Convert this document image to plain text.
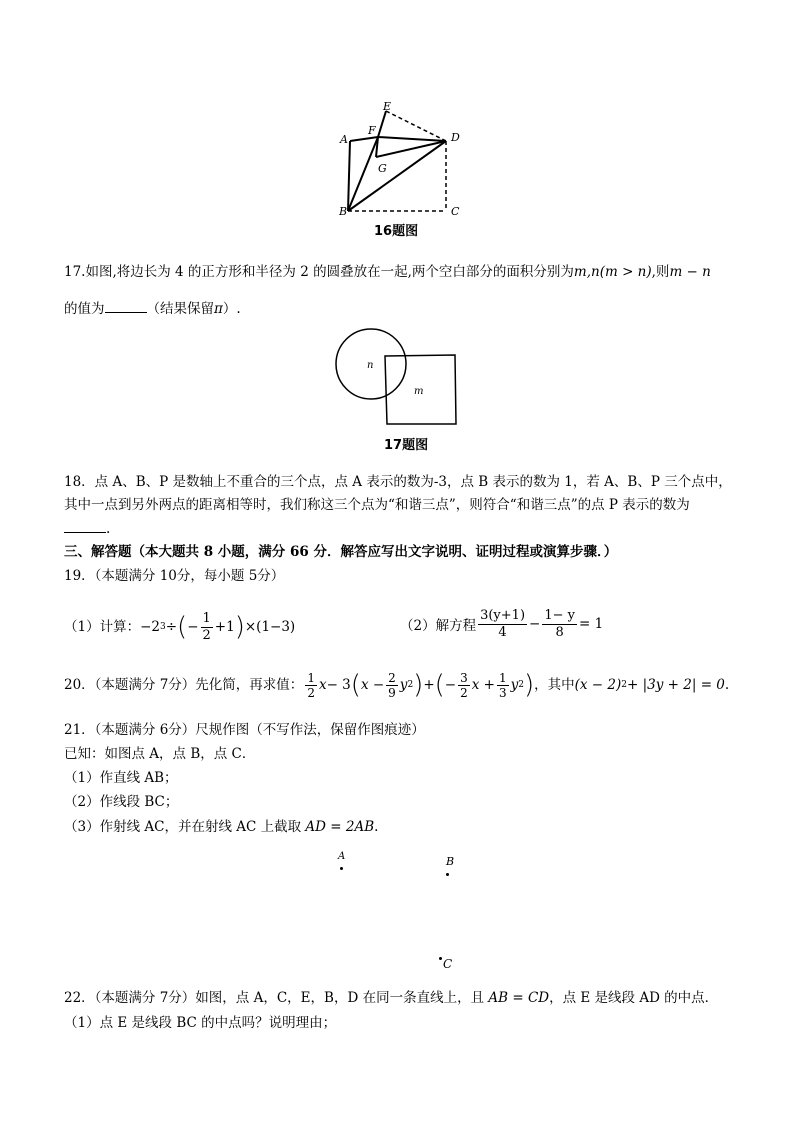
E
A
F
D
G
B	C
16题图
17.如图,将边长为 4 的正方形和半径为 2 的圆叠放在一起,两个空白部分的面积分别为m,n(m > n),则m − n
的值为	（结果保留π）.
n
m
17题图
18．点 A、B、P 是数轴上不重合的三个点，点 A 表示的数为-3，点 B 表示的数为 1，若 A、B、P 三个点中，
其中一点到另外两点的距离相等时，我们称这三个点为“和谐三点”，则符合“和谐三点”的点 P 表示的数为
.
三、解答题（本大题共 8 小题，满分 66 分．解答应写出文字说明、证明过程或演算步骤．）
19．（本题满分 10分，每小题 5分）
（1）计算： −2 3 ÷ ( − $\frac{1}{2} +1$ ) × (1−3)	（2）解方程 $\frac{3(y+1)}{4} - \frac{1- y}{8} = 1$
20．（本题满分 7分）先化简，再求值： $\frac{1}{2}$ x − 3 ( $x - \frac{2}{9}$ y 2 ) + ( − $\frac{3}{2}$ $x + \frac{1}{3}$ y 2 ) ，其中 (x − 2) 2 + |3y + 2| = 0 .
21．（本题满分 6分）尺规作图（不写作法，保留作图痕迹）
已知：如图点 A，点 B，点 C．
（1）作直线 AB；
（2）作线段 BC；
（3）作射线 AC，并在射线 AC 上截取 AD = 2AB.
A	B
C
22．（本题满分 7分）如图，点 A，C，E，B，D 在同一条直线上，且 AB = CD，点 E 是线段 AD 的中点．
（1）点 E 是线段 BC 的中点吗？说明理由；
